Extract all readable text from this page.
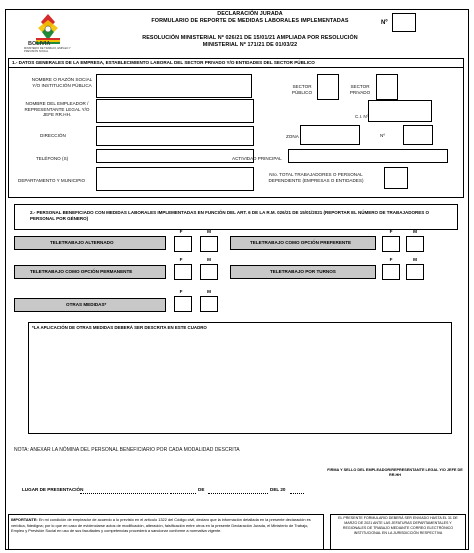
BOLIVIA
MINISTERIO DE TRABAJO, EMPLEO Y PREVISIÓN SOCIAL
DECLARACIÓN JURADA
FORMULARIO DE REPORTE DE MEDIDAS LABORALES IMPLEMENTADAS
RESOLUCIÓN MINISTERIAL Nº 026/21 DE 15/01/21 AMPLIADA POR RESOLUCIÓN
MINISTERIAL Nº 171/21 DE 01/03/22
Nº
1.- DATOS GENERALES DE LA EMPRESA, ESTABLECIMIENTO LABORAL DEL SECTOR PRIVADO Y/O ENTIDADES DEL SECTOR PÚBLICO
NOMBRE O RAZÓN SOCIAL Y/O INSTITUCIÓN PÚBLICA	SECTOR PÚBLICO
SECTOR PRIVADO
NOMBRE DEL EMPLEADOR / REPRESENTANTE LEGAL Y/O JEFE RR.HH.	C.I. Nº
DIRECCIÓN	ZONA	Nº
TELÉFONO (S)	ACTIVIDAD PRINCIPAL
DEPARTAMENTO Y MUNICIPIO
Nro. TOTAL TRABAJADORES O PERSONAL DEPENDIENTE (EMPRESAS O ENTIDADES)
2.- PERSONAL BENEFICIADO CON MEDIDAS LABORALES IMPLEMENTADAS EN FUNCIÓN DEL ART. 6 DE LA R.M. 026/21 DE 15/01/2021 (REPORTAR EL NÚMERO DE TRABAJADORES O PERSONAL POR GÉNERO)
F	M
TELETRABAJO ALTERNADO
F	M
TELETRABAJO COMO OPCIÓN PREFERENTE
F	M
TELETRABAJO COMO OPCIÓN PERMANENTE
F	M
TELETRABAJO POR TURNOS
F	M
OTRAS MEDIDAS*
*LA APLICACIÓN DE OTRAS MEDIDAS DEBERÁ SER DESCRITA EN ESTE CUADRO
NOTA: ANEXAR LA NÓMINA DEL PERSONAL BENEFICIARIO POR CADA MODALIDAD DESCRITA
FIRMA Y SELLO DEL EMPLEADOR/REPRESENTANTE LEGAL Y/O JEFE DE RR.HH
LUGAR DE PRESENTACIÓN	DE	DEL 20
IMPORTANTE: En mi condición de empleador de acuerdo a lo previsto en el artículo 1322 del Código civil, declaro que la información detallada en la presente declaración es verídica, fidedigna; por lo que en caso de evidenciarse actos de modificación, alteración, falsificación entre otros en la presente Declaración Jurada, el Ministerio de Trabajo, Empleo y Previsión Social en uso de sus facultades y competencias procederá a sancionar conforme a normativa vigente.
EL PRESENTE FORMULARIO DEBERÁ SER ENVIADO HASTA EL 31 DE MARZO DE 2021 ANTE LAS JEFATURAS DEPARTAMENTALES Y REGIONALES DE TRABAJO MEDIANTE CORREO ELECTRÓNICO INSTITUCIONAL EN LA JURISDICCIÓN RESPECTIVA
